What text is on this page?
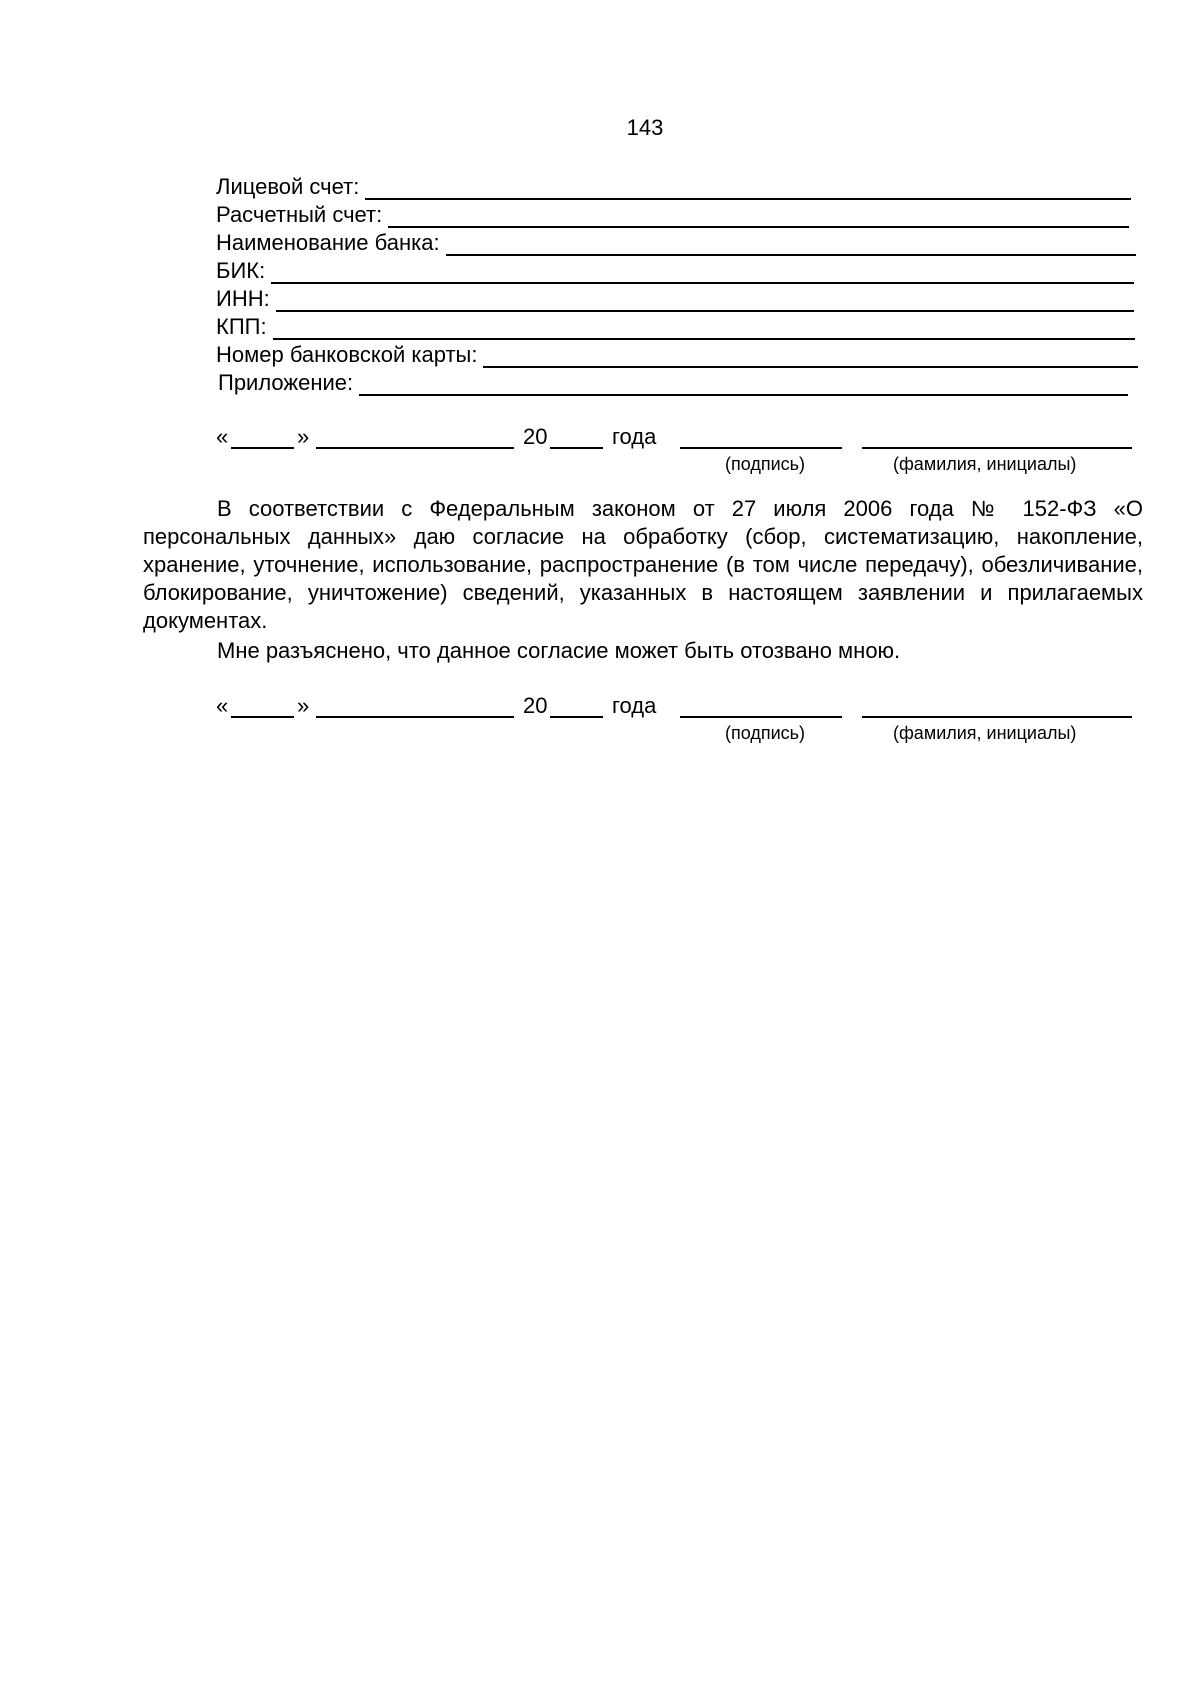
143
Лицевой счет:
Расчетный счет:
Наименование банка:
БИК:
ИНН:
КПП:
Номер банковской карты:
Приложение:
«	»	20	года
(подпись)	(фамилия, инициалы)

В соответствии с Федеральным законом от 27 июля 2006 года № 152-ФЗ «О персональных данных» даю согласие на обработку (сбор, систематизацию, накопление, хранение, уточнение, использование, распространение (в том числе передачу), обезличивание, блокирование, уничтожение) сведений, указанных в настоящем заявлении и прилагаемых документах.

Мне разъяснено, что данное согласие может быть отозвано мною.

«	»	20	года
(подпись)	(фамилия, инициалы)
